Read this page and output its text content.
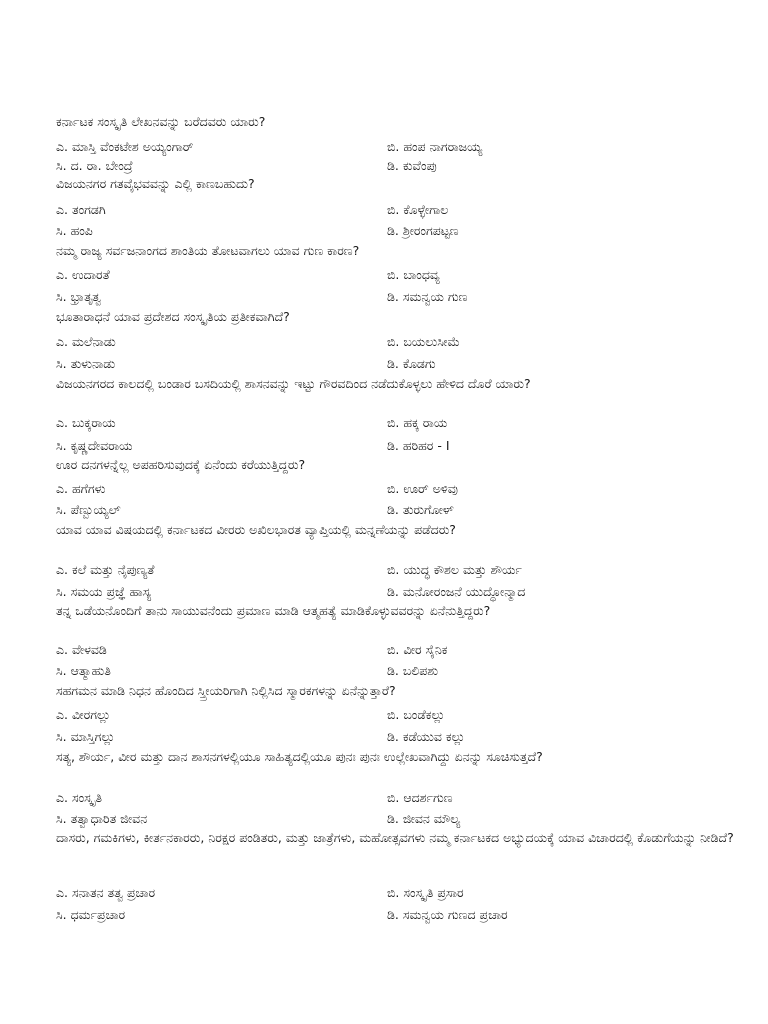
ಕರ್ನಾಟಕ ಸಂಸ್ಕೃತಿ ಲೇಖನವನ್ನು ಬರೆದವರು ಯಾರು?
ಎ. ಮಾಸ್ತಿ ವೆಂಕಟೇಶ ಅಯ್ಯಂಗಾರ್	ಬಿ. ಹಂಪ ನಾಗರಾಜಯ್ಯ
ಸಿ. ದ. ರಾ. ಬೇಂದ್ರೆ	ಡಿ. ಕುವೆಂಪು
ವಿಜಯನಗರ ಗತವೈಭವವನ್ನು ಎಲ್ಲಿ ಕಾಣಬಹುದು?
ಎ. ತಂಗಡಗಿ	ಬಿ. ಕೊಳ್ಳೇಗಾಲ
ಸಿ. ಹಂಪಿ	ಡಿ. ಶ್ರೀರಂಗಪಟ್ಟಣ
ನಮ್ಮ ರಾಜ್ಯ ಸರ್ವಜನಾಂಗದ ಶಾಂತಿಯ ತೋಟವಾಗಲು ಯಾವ ಗುಣ ಕಾರಣ?
ಎ. ಉದಾರತೆ	ಬಿ. ಬಾಂಧವ್ಯ
ಸಿ. ಭ್ರಾತೃತ್ವ	ಡಿ. ಸಮನ್ವಯ ಗುಣ
ಭೂತಾರಾಧನೆ ಯಾವ ಪ್ರದೇಶದ ಸಂಸ್ಕೃತಿಯ ಪ್ರತೀಕವಾಗಿದೆ?
ಎ. ಮಲೆನಾಡು	ಬಿ. ಬಯಲುಸೀಮೆ
ಸಿ. ತುಳುನಾಡು	ಡಿ. ಕೊಡಗು
ವಿಜಯನಗರದ ಕಾಲದಲ್ಲಿ ಬಂಡಾರ ಬಸದಿಯಲ್ಲಿ ಶಾಸನವನ್ನು ಇಟ್ಟು ಗೌರವದಿಂದ ನಡೆದುಕೊಳ್ಳಲು ಹೇಳಿದ ದೊರೆ ಯಾರು?
ಎ. ಬುಕ್ಕರಾಯ	ಬಿ. ಹಕ್ಕ ರಾಯ
ಸಿ. ಕೃಷ್ಣದೇವರಾಯ	ಡಿ. ಹರಿಹರ - I
ಊರ ದನಗಳನ್ನೆಲ್ಲ ಅಪಹರಿಸುವುದಕ್ಕೆ ಏನೆಂದು ಕರೆಯುತ್ತಿದ್ದರು?
ಎ. ಹಗೆಗಳು	ಬಿ. ಊರ್ ಅಳಿವು
ಸಿ. ಪೆಣ್ಬುಯ್ಯಲ್	ಡಿ. ತುರುಗೋಳ್
ಯಾವ ಯಾವ ವಿಷಯದಲ್ಲಿ ಕರ್ನಾಟಕದ ವೀರರು ಅಖಿಲಭಾರತ ವ್ಯಾಪ್ತಿಯಲ್ಲಿ ಮನ್ನಣೆಯನ್ನು ಪಡೆದರು?
ಎ. ಕಲೆ ಮತ್ತು ನೈಪುಣ್ಯತೆ	ಬಿ. ಯುದ್ಧ ಕೌಶಲ ಮತ್ತು ಶೌರ್ಯ
ಸಿ. ಸಮಯ ಪ್ರಜ್ಞೆ ಹಾಸ್ಯ	ಡಿ. ಮನೋರಂಜನೆ ಯುದ್ಧೋನ್ಮಾದ
ತನ್ನ ಒಡೆಯನೊಂದಿಗೆ ತಾನು ಸಾಯುವನೆಂದು ಪ್ರಮಾಣ ಮಾಡಿ ಆತ್ಮಹತ್ಯೆ ಮಾಡಿಕೊಳ್ಳುವವರನ್ನು ಏನೆನುತ್ತಿದ್ದರು?
ಎ. ವೇಳವಡಿ	ಬಿ. ವೀರ ಸೈನಿಕ
ಸಿ. ಆತ್ಮಾಹುತಿ	ಡಿ. ಬಲಿಪಶು
ಸಹಗಮನ ಮಾಡಿ ನಿಧನ ಹೊಂದಿದ ಸ್ತ್ರೀಯರಿಗಾಗಿ ನಿಲ್ಲಿಸಿದ ಸ್ಮಾರಕಗಳನ್ನು ಏನೆನ್ನುತ್ತಾರೆ?
ಎ. ವೀರಗಲ್ಲು	ಬಿ. ಬಂಡೆಕಲ್ಲು
ಸಿ. ಮಾಸ್ತಿಗಲ್ಲು	ಡಿ. ಕಡೆಯುವ ಕಲ್ಲು
ಸತ್ಯ, ಶೌರ್ಯ, ವೀರ ಮತ್ತು ದಾನ ಶಾಸನಗಳಲ್ಲಿಯೂ ಸಾಹಿತ್ಯದಲ್ಲಿಯೂ ಪುನಃ ಪುನಃ ಉಲ್ಲೇಖವಾಗಿದ್ದು ಏನನ್ನು ಸೂಚಿಸುತ್ತದೆ?
ಎ. ಸಂಸ್ಕೃತಿ	ಬಿ. ಆದರ್ಶಗುಣ
ಸಿ. ತತ್ವಾಧಾರಿತ ಜೀವನ	ಡಿ. ಜೀವನ ಮೌಲ್ಯ
ದಾಸರು, ಗಮಕಿಗಳು, ಕೀರ್ತನಕಾರರು, ನಿರಕ್ಷರ ಪಂಡಿತರು, ಮತ್ತು ಜಾತ್ರೆಗಳು, ಮಹೋತ್ಸವಗಳು ನಮ್ಮ ಕರ್ನಾಟಕದ ಅಭ್ಯುದಯಕ್ಕೆ ಯಾವ ವಿಚಾರದಲ್ಲಿ ಕೊಡುಗೆಯನ್ನು ನೀಡಿದೆ?
ಎ. ಸನಾತನ ತತ್ವ ಪ್ರಚಾರ	ಬಿ. ಸಂಸ್ಕೃತಿ ಪ್ರಸಾರ
ಸಿ. ಧರ್ಮಪ್ರಚಾರ	ಡಿ. ಸಮನ್ವಯ ಗುಣದ ಪ್ರಚಾರ
